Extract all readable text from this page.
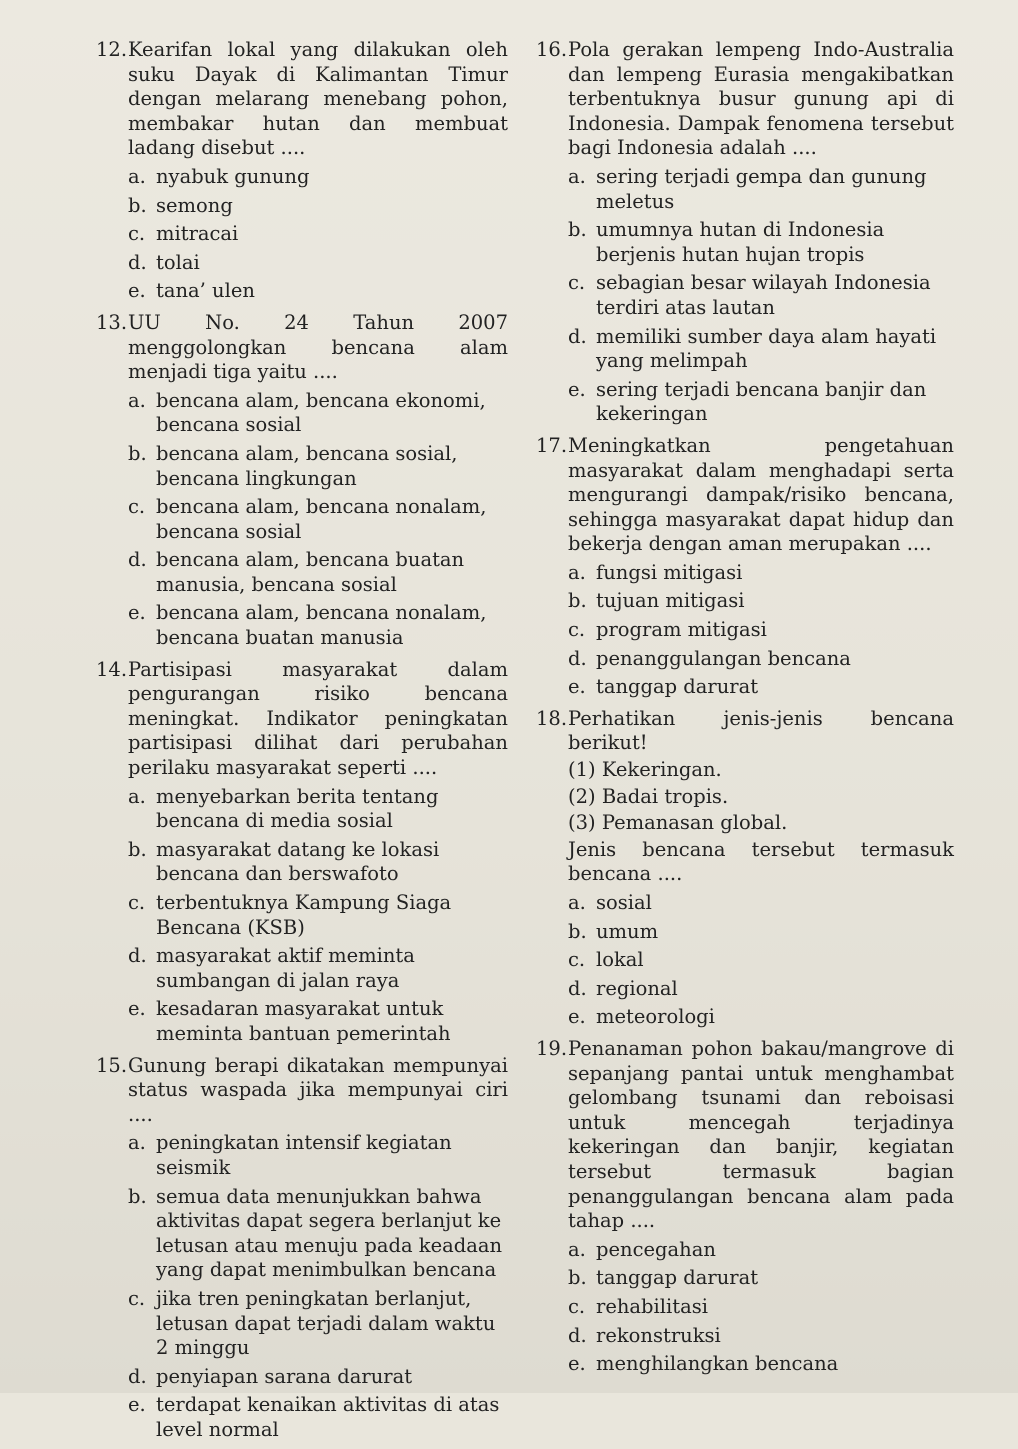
12. Kearifan lokal yang dilakukan oleh suku Dayak di Kalimantan Timur dengan melarang menebang pohon, membakar hutan dan membuat ladang disebut ....
a. nyabuk gunung
b. semong
c. mitracai
d. tolai
e. tana’ ulen
13. UU No. 24 Tahun 2007 menggolongkan bencana alam menjadi tiga yaitu ....
a. bencana alam, bencana ekonomi, bencana sosial
b. bencana alam, bencana sosial, bencana lingkungan
c. bencana alam, bencana nonalam, bencana sosial
d. bencana alam, bencana buatan manusia, bencana sosial
e. bencana alam, bencana nonalam, bencana buatan manusia
14. Partisipasi masyarakat dalam pengurangan risiko bencana meningkat. Indikator peningkatan partisipasi dilihat dari perubahan perilaku masyarakat seperti ....
a. menyebarkan berita tentang bencana di media sosial
b. masyarakat datang ke lokasi bencana dan berswafoto
c. terbentuknya Kampung Siaga Bencana (KSB)
d. masyarakat aktif meminta sumbangan di jalan raya
e. kesadaran masyarakat untuk meminta bantuan pemerintah
15. Gunung berapi dikatakan mempunyai status waspada jika mempunyai ciri ....
a. peningkatan intensif kegiatan seismik
b. semua data menunjukkan bahwa aktivitas dapat segera berlanjut ke letusan atau menuju pada keadaan yang dapat menimbulkan bencana
c. jika tren peningkatan berlanjut, letusan dapat terjadi dalam waktu 2 minggu
d. penyiapan sarana darurat
e. terdapat kenaikan aktivitas di atas level normal
16. Pola gerakan lempeng Indo-Australia dan lempeng Eurasia mengakibatkan terbentuknya busur gunung api di Indonesia. Dampak fenomena tersebut bagi Indonesia adalah ....
a. sering terjadi gempa dan gunung meletus
b. umumnya hutan di Indonesia berjenis hutan hujan tropis
c. sebagian besar wilayah Indonesia terdiri atas lautan
d. memiliki sumber daya alam hayati yang melimpah
e. sering terjadi bencana banjir dan kekeringan
17. Meningkatkan pengetahuan masyarakat dalam menghadapi serta mengurangi dampak/risiko bencana, sehingga masyarakat dapat hidup dan bekerja dengan aman merupakan ....
a. fungsi mitigasi
b. tujuan mitigasi
c. program mitigasi
d. penanggulangan bencana
e. tanggap darurat
18. Perhatikan jenis-jenis bencana berikut!
(1) Kekeringan.
(2) Badai tropis.
(3) Pemanasan global.
Jenis bencana tersebut termasuk bencana ....
a. sosial
b. umum
c. lokal
d. regional
e. meteorologi
19. Penanaman pohon bakau/mangrove di sepanjang pantai untuk menghambat gelombang tsunami dan reboisasi untuk mencegah terjadinya kekeringan dan banjir, kegiatan tersebut termasuk bagian penanggulangan bencana alam pada tahap ....
a. pencegahan
b. tanggap darurat
c. rehabilitasi
d. rekonstruksi
e. menghilangkan bencana
